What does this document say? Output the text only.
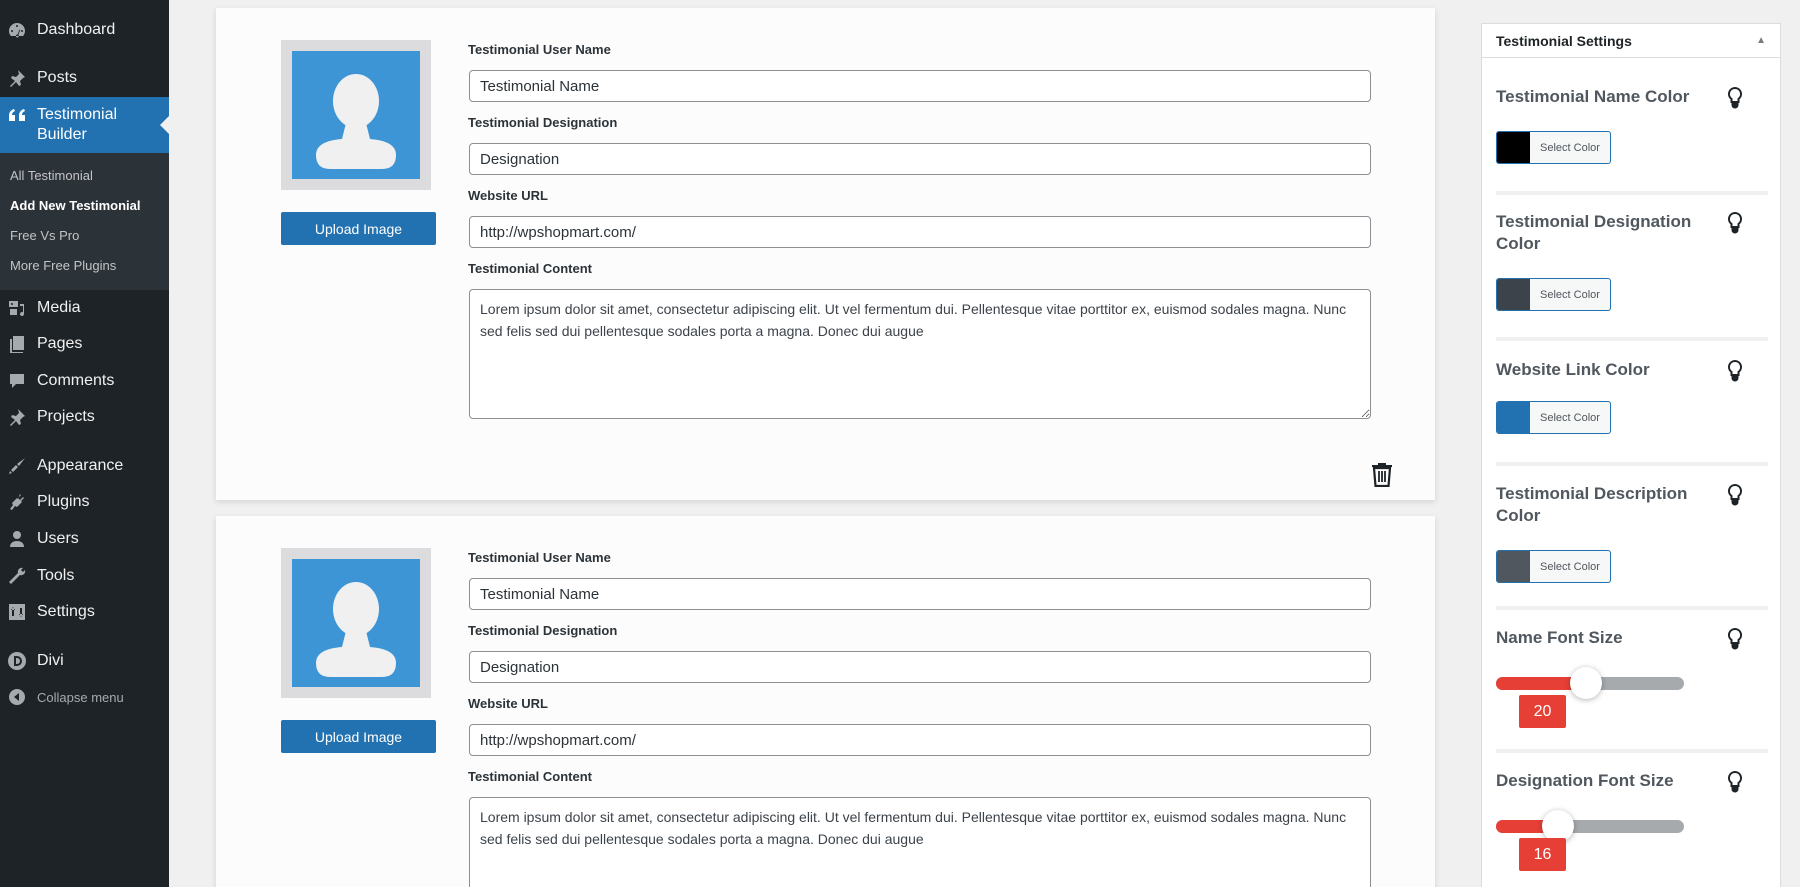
Dashboard
Posts
Testimonial Builder
All Testimonial
Add New Testimonial
Free Vs Pro
More Free Plugins
Media
Pages
Comments
Projects
Appearance
Plugins
Users
Tools
Settings
Divi
Collapse menu
Upload Image
Testimonial User Name
Testimonial Name
Testimonial Designation
Designation
Website URL
http://wpshopmart.com/
Testimonial Content
Lorem ipsum dolor sit amet, consectetur adipiscing elit. Ut vel fermentum dui. Pellentesque vitae porttitor ex, euismod sodales magna. Nunc sed felis sed dui pellentesque sodales porta a magna. Donec dui augue
Upload Image
Testimonial User Name
Testimonial Name
Testimonial Designation
Designation
Website URL
http://wpshopmart.com/
Testimonial Content
Lorem ipsum dolor sit amet, consectetur adipiscing elit. Ut vel fermentum dui. Pellentesque vitae porttitor ex, euismod sodales magna. Nunc sed felis sed dui pellentesque sodales porta a magna. Donec dui augue
Testimonial Settings	▲
Testimonial Name Color
Select Color
Testimonial Designation Color
Select Color
Website Link Color
Select Color
Testimonial Description Color
Select Color
Name Font Size
20
Designation Font Size
16
